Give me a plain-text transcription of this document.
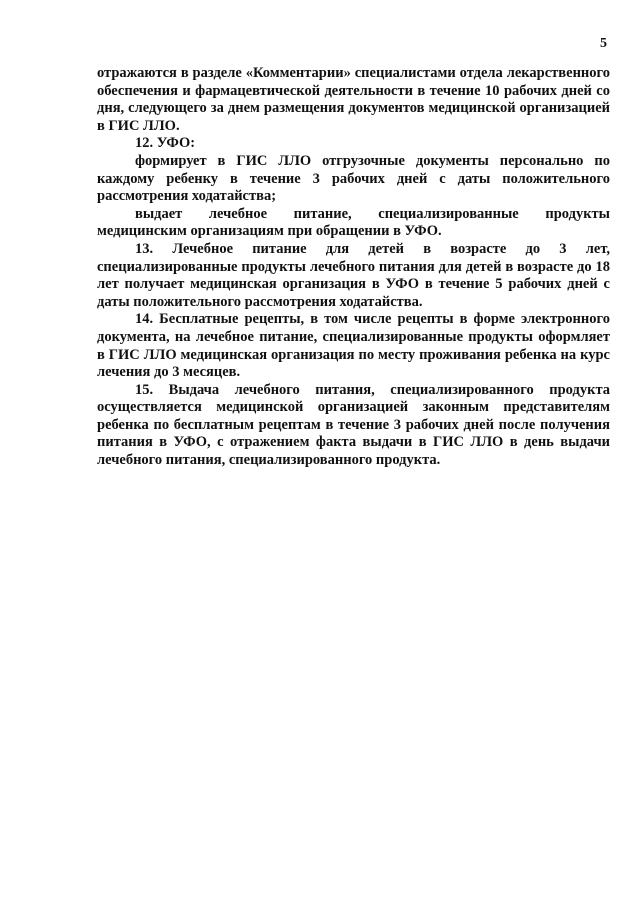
5

отражаются в разделе «Комментарии» специалистами отдела лекарственного обеспечения и фармацевтической деятельности в течение 10 рабочих дней со дня, следующего за днем размещения документов медицинской организацией в ГИС ЛЛО.

12. УФО:

формирует в ГИС ЛЛО отгрузочные документы персонально по каждому ребенку в течение 3 рабочих дней с даты положительного рассмотрения ходатайства;

выдает лечебное питание, специализированные продукты медицинским организациям при обращении в УФО.

13. Лечебное питание для детей в возрасте до 3 лет, специализированные продукты лечебного питания для детей в возрасте до 18 лет получает медицинская организация в УФО в течение 5 рабочих дней с даты положительного рассмотрения ходатайства.

14. Бесплатные рецепты, в том числе рецепты в форме электронного документа, на лечебное питание, специализированные продукты оформляет в ГИС ЛЛО медицинская организация по месту проживания ребенка на курс лечения до 3 месяцев.

15. Выдача лечебного питания, специализированного продукта осуществляется медицинской организацией законным представителям ребенка по бесплатным рецептам в течение 3 рабочих дней после получения питания в УФО, с отражением факта выдачи в ГИС ЛЛО в день выдачи лечебного питания, специализированного продукта.
